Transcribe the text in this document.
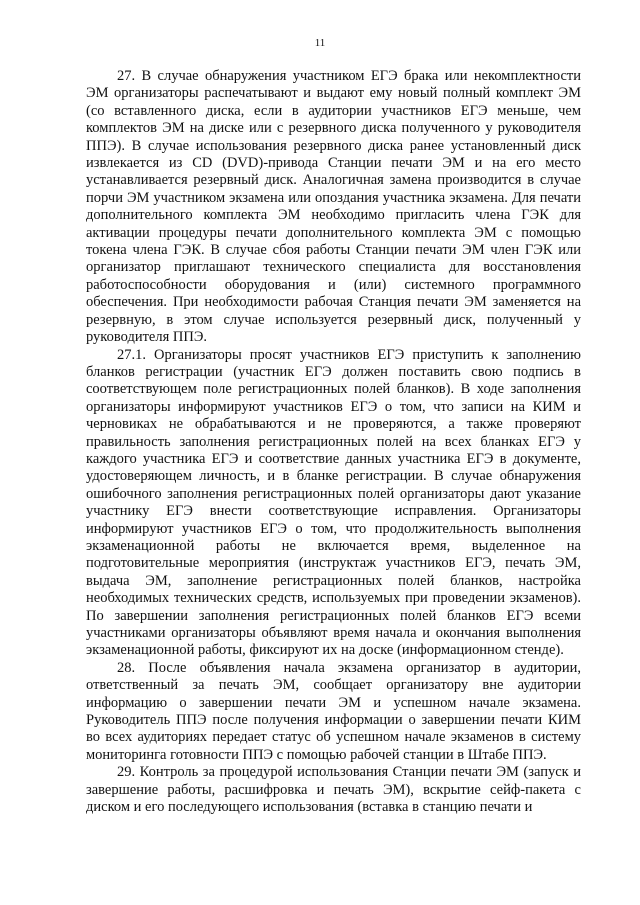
11

27. В случае обнаружения участником ЕГЭ брака или некомплектности ЭМ организаторы распечатывают и выдают ему новый полный комплект ЭМ (со вставленного диска, если в аудитории участников ЕГЭ меньше, чем комплектов ЭМ на диске или с резервного диска полученного у руководителя ППЭ). В случае использования резервного диска ранее установленный диск извлекается из CD (DVD)-привода Станции печати ЭМ и на его место устанавливается резервный диск. Аналогичная замена производится в случае порчи ЭМ участником экзамена или опоздания участника экзамена. Для печати дополнительного комплекта ЭМ необходимо пригласить члена ГЭК для активации процедуры печати дополнительного комплекта ЭМ с помощью токена члена ГЭК. В случае сбоя работы Станции печати ЭМ член ГЭК или организатор приглашают технического специалиста для восстановления работоспособности оборудования и (или) системного программного обеспечения. При необходимости рабочая Станция печати ЭМ заменяется на резервную, в этом случае используется резервный диск, полученный у руководителя ППЭ.

27.1. Организаторы просят участников ЕГЭ приступить к заполнению бланков регистрации (участник ЕГЭ должен поставить свою подпись в соответствующем поле регистрационных полей бланков). В ходе заполнения организаторы информируют участников ЕГЭ о том, что записи на КИМ и черновиках не обрабатываются и не проверяются, а также проверяют правильность заполнения регистрационных полей на всех бланках ЕГЭ у каждого участника ЕГЭ и соответствие данных участника ЕГЭ в документе, удостоверяющем личность, и в бланке регистрации. В случае обнаружения ошибочного заполнения регистрационных полей организаторы дают указание участнику ЕГЭ внести соответствующие исправления. Организаторы информируют участников ЕГЭ о том, что продолжительность выполнения экзаменационной работы не включается время, выделенное на подготовительные мероприятия (инструктаж участников ЕГЭ, печать ЭМ, выдача ЭМ, заполнение регистрационных полей бланков, настройка необходимых технических средств, используемых при проведении экзаменов). По завершении заполнения регистрационных полей бланков ЕГЭ всеми участниками организаторы объявляют время начала и окончания выполнения экзаменационной работы, фиксируют их на доске (информационном стенде).

28. После объявления начала экзамена организатор в аудитории, ответственный за печать ЭМ, сообщает организатору вне аудитории информацию о завершении печати ЭМ и успешном начале экзамена. Руководитель ППЭ после получения информации о завершении печати КИМ во всех аудиториях передает статус об успешном начале экзаменов в систему мониторинга готовности ППЭ с помощью рабочей станции в Штабе ППЭ.

29. Контроль за процедурой использования Станции печати ЭМ (запуск и завершение работы, расшифровка и печать ЭМ), вскрытие сейф-пакета с диском и его последующего использования (вставка в станцию печати и
